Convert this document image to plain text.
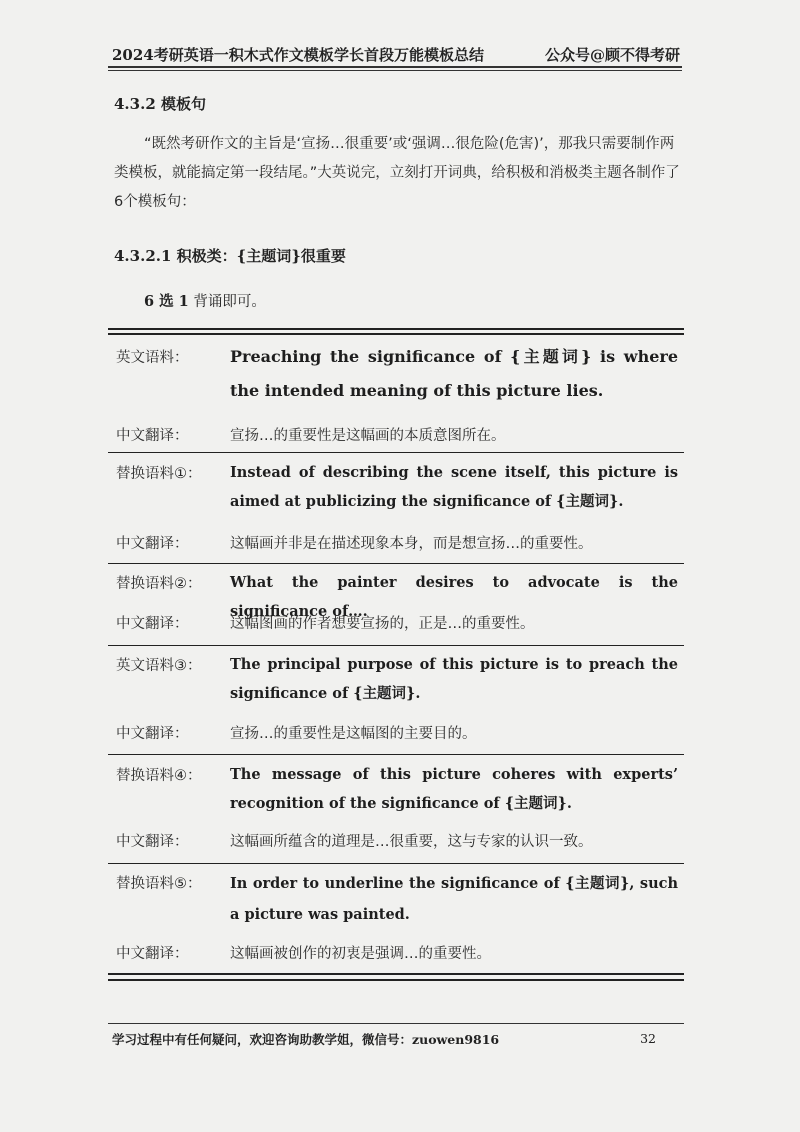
2024考研英语一积木式作文模板 学长首段万能模板总结	公众号@顾不得考研
4.3.2 模板句
“既然考研作文的主旨是‘宣扬…很重要’或‘强调…很危险(危害)’，那我只需要制作两类模板，就能搞定第一段结尾。”大英说完，立刻打开词典，给积极和消极类主题各制作了6个模板句：
4.3.2.1 积极类：{主题词}很重要
6 选 1 背诵即可。
英文语料：	Preaching the significance of {主题词} is where the intended meaning of this picture lies.
中文翻译：	宣扬…的重要性是这幅画的本质意图所在。
替换语料①： Instead of describing the scene itself, this picture is aimed at publicizing the significance of {主题词}.
中文翻译：	这幅画并非是在描述现象本身，而是想宣扬…的重要性。
替换语料②： What the painter desires to advocate is the significance of….
中文翻译：	这幅图画的作者想要宣扬的，正是…的重要性。
英文语料③： The principal purpose of this picture is to preach the significance of {主题词}.
中文翻译：	宣扬…的重要性是这幅图的主要目的。
替换语料④： The message of this picture coheres with experts’ recognition of the significance of {主题词}.
中文翻译：	这幅画所蕴含的道理是…很重要，这与专家的认识一致。
替换语料⑤： In order to underline the significance of {主题词}, such a picture was painted.
中文翻译：	这幅画被创作的初衷是强调…的重要性。
学习过程中有任何疑问，欢迎咨询助教学姐，微信号：zuowen9816	32
